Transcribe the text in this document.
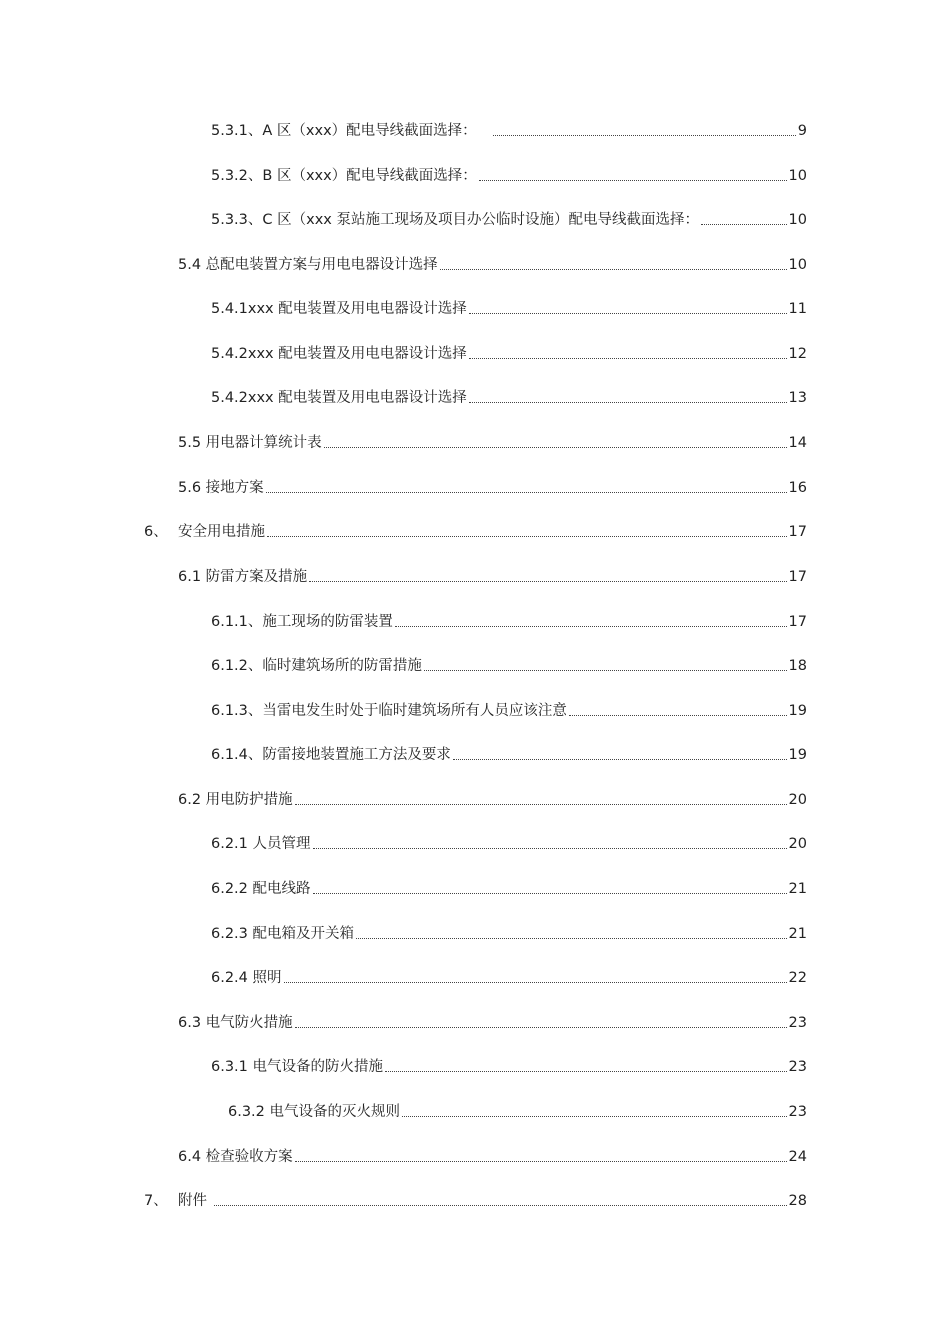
5.3.1、A 区（xxx）配电导线截面选择：	9
5.3.2、B 区（xxx）配电导线截面选择：	10
5.3.3、C 区（xxx 泵站施工现场及项目办公临时设施）配电导线截面选择：	10
5.4 总配电装置方案与用电电器设计选择	10
5.4.1xxx 配电装置及用电电器设计选择	11
5.4.2xxx 配电装置及用电电器设计选择	12
5.4.2xxx 配电装置及用电电器设计选择	13
5.5 用电器计算统计表	14
5.6 接地方案	16
6、 安全用电措施	17
6.1 防雷方案及措施	17
6.1.1、施工现场的防雷装置	17
6.1.2、临时建筑场所的防雷措施	18
6.1.3、当雷电发生时处于临时建筑场所有人员应该注意	19
6.1.4、防雷接地装置施工方法及要求	19
6.2 用电防护措施	20
6.2.1 人员管理	20
6.2.2 配电线路	21
6.2.3 配电箱及开关箱	21
6.2.4 照明	22
6.3 电气防火措施	23
6.3.1 电气设备的防火措施	23
6.3.2 电气设备的灭火规则	23
6.4 检查验收方案	24
7、 附件	28
